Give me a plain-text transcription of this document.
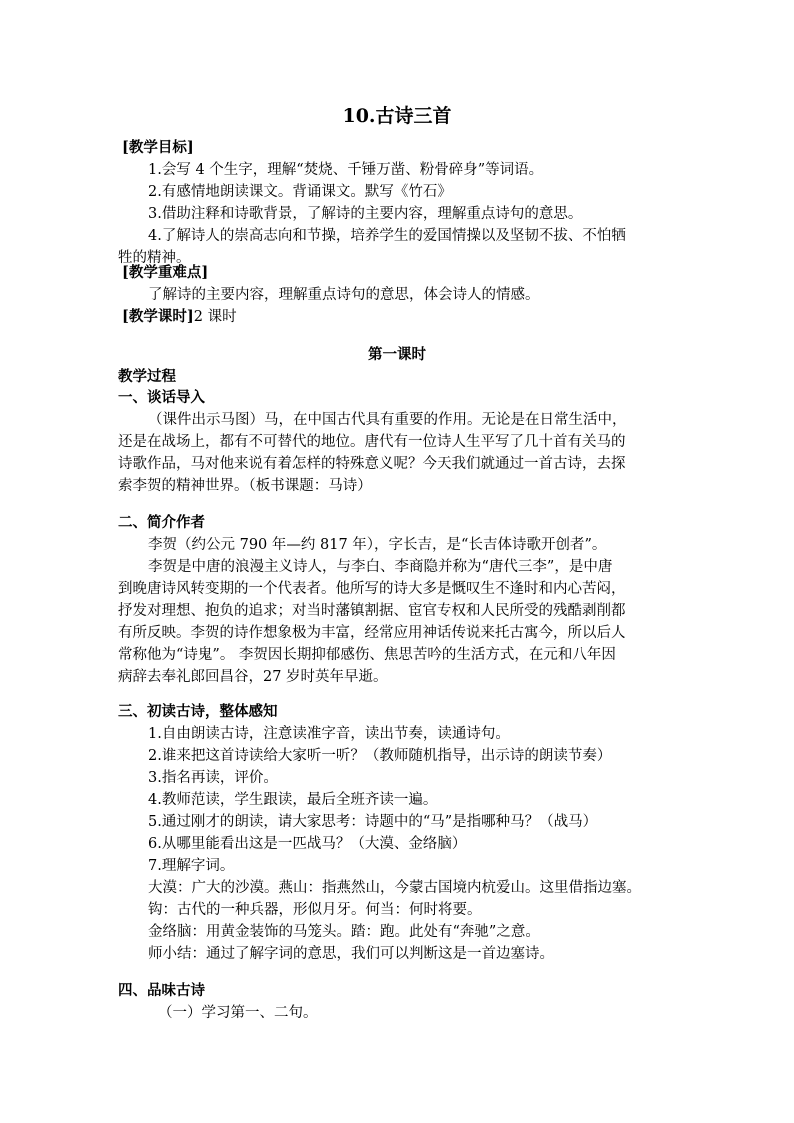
10.古诗三首
[教学目标]
1.会写 4 个生字，理解“焚烧、千锤万凿、粉骨碎身”等词语。
2.有感情地朗读课文。背诵课文。默写《竹石》
3.借助注释和诗歌背景，了解诗的主要内容，理解重点诗句的意思。
4.了解诗人的崇高志向和节操，培养学生的爱国情操以及坚韧不拔、不怕牺
牲的精神。
[教学重难点]
了解诗的主要内容，理解重点诗句的意思，体会诗人的情感。
[教学课时]2 课时
第一课时
教学过程
一、谈话导入
（课件出示马图）马，在中国古代具有重要的作用。无论是在日常生活中，
还是在战场上，都有不可替代的地位。唐代有一位诗人生平写了几十首有关马的
诗歌作品，马对他来说有着怎样的特殊意义呢？今天我们就通过一首古诗，去探
索李贺的精神世界。（板书课题：马诗）
二、简介作者
李贺（约公元 790 年—约 817 年），字长吉，是“长吉体诗歌开创者”。
李贺是中唐的浪漫主义诗人，与李白、李商隐并称为“唐代三李”，是中唐
到晚唐诗风转变期的一个代表者。他所写的诗大多是慨叹生不逢时和内心苦闷，
抒发对理想、抱负的追求；对当时藩镇割据、宦官专权和人民所受的残酷剥削都
有所反映。李贺的诗作想象极为丰富，经常应用神话传说来托古寓今，所以后人
常称他为“诗鬼”。 李贺因长期抑郁感伤、焦思苦吟的生活方式，在元和八年因
病辞去奉礼郎回昌谷，27 岁时英年早逝。
三、初读古诗，整体感知
1.自由朗读古诗，注意读准字音，读出节奏，读通诗句。
2.谁来把这首诗读给大家听一听？（教师随机指导，出示诗的朗读节奏）
3.指名再读，评价。
4.教师范读，学生跟读，最后全班齐读一遍。
5.通过刚才的朗读，请大家思考：诗题中的“马”是指哪种马？（战马）
6.从哪里能看出这是一匹战马？（大漠、金络脑）
7.理解字词。
大漠：广大的沙漠。燕山：指燕然山，今蒙古国境内杭爱山。这里借指边塞。
钩：古代的一种兵器，形似月牙。何当：何时将要。
金络脑：用黄金装饰的马笼头。踏：跑。此处有“奔驰”之意。
师小结：通过了解字词的意思，我们可以判断这是一首边塞诗。
四、品味古诗
（一）学习第一、二句。
